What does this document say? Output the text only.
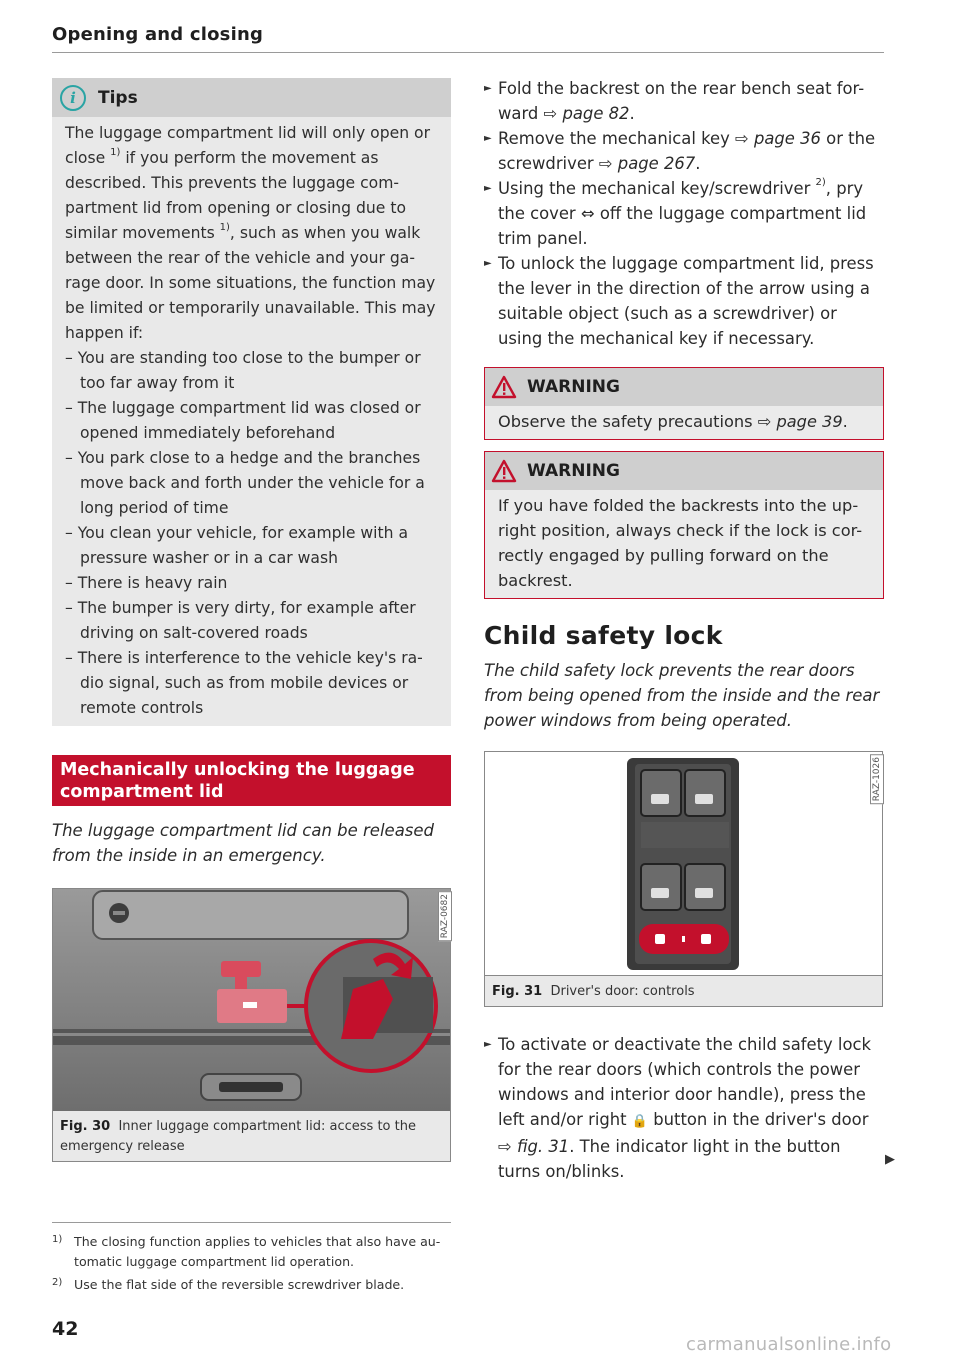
Opening and closing
i	Tips

The luggage compartment lid will only open or close $^{1)}$ if you perform the movement as described. This prevents the luggage com-partment lid from opening or closing due to similar movements $^{1)}$, such as when you walk between the rear of the vehicle and your ga-rage door. In some situations, the function may be limited or temporarily unavailable. This may happen if:

– You are standing too close to the bumper or too far away from it

– The luggage compartment lid was closed or opened immediately beforehand

– You park close to a hedge and the branches move back and forth under the vehicle for a long period of time

– You clean your vehicle, for example with a pressure washer or in a car wash

– There is heavy rain

– The bumper is very dirty, for example after driving on salt-covered roads

– There is interference to the vehicle key's ra-dio signal, such as from mobile devices or remote controls

Mechanically unlocking the luggage compartment lid

The luggage compartment lid can be released from the inside in an emergency.

RAZ-0682
Fig. 30 Inner luggage compartment lid: access to the emergency release
► Fold the backrest on the rear bench seat for-ward ⇨ page 82.
► Remove the mechanical key ⇨ page 36 or the screwdriver ⇨ page 267.
► Using the mechanical key/screwdriver $^{2)}$, pry the cover ⇔ off the luggage compartment lid trim panel.
► To unlock the luggage compartment lid, press the lever in the direction of the arrow using a suitable object (such as a screwdriver) or using the mechanical key if necessary.
WARNING
Observe the safety precautions ⇨ page 39.
WARNING
If you have folded the backrests into the up-right position, always check if the lock is cor-rectly engaged by pulling forward on the backrest.
Child safety lock

The child safety lock prevents the rear doors from being opened from the inside and the rear power windows from being operated.

RAZ-1026
Fig. 31 Driver's door: controls
► To activate or deactivate the child safety lock for the rear doors (which controls the power windows and interior door handle), press the left and/or right 🔒 button in the driver's door ⇨ fig. 31. The indicator light in the button turns on/blinks.
▶
1) The closing function applies to vehicles that also have au-tomatic luggage compartment lid operation.
2) Use the flat side of the reversible screwdriver blade.
42
carmanualsonline.info
